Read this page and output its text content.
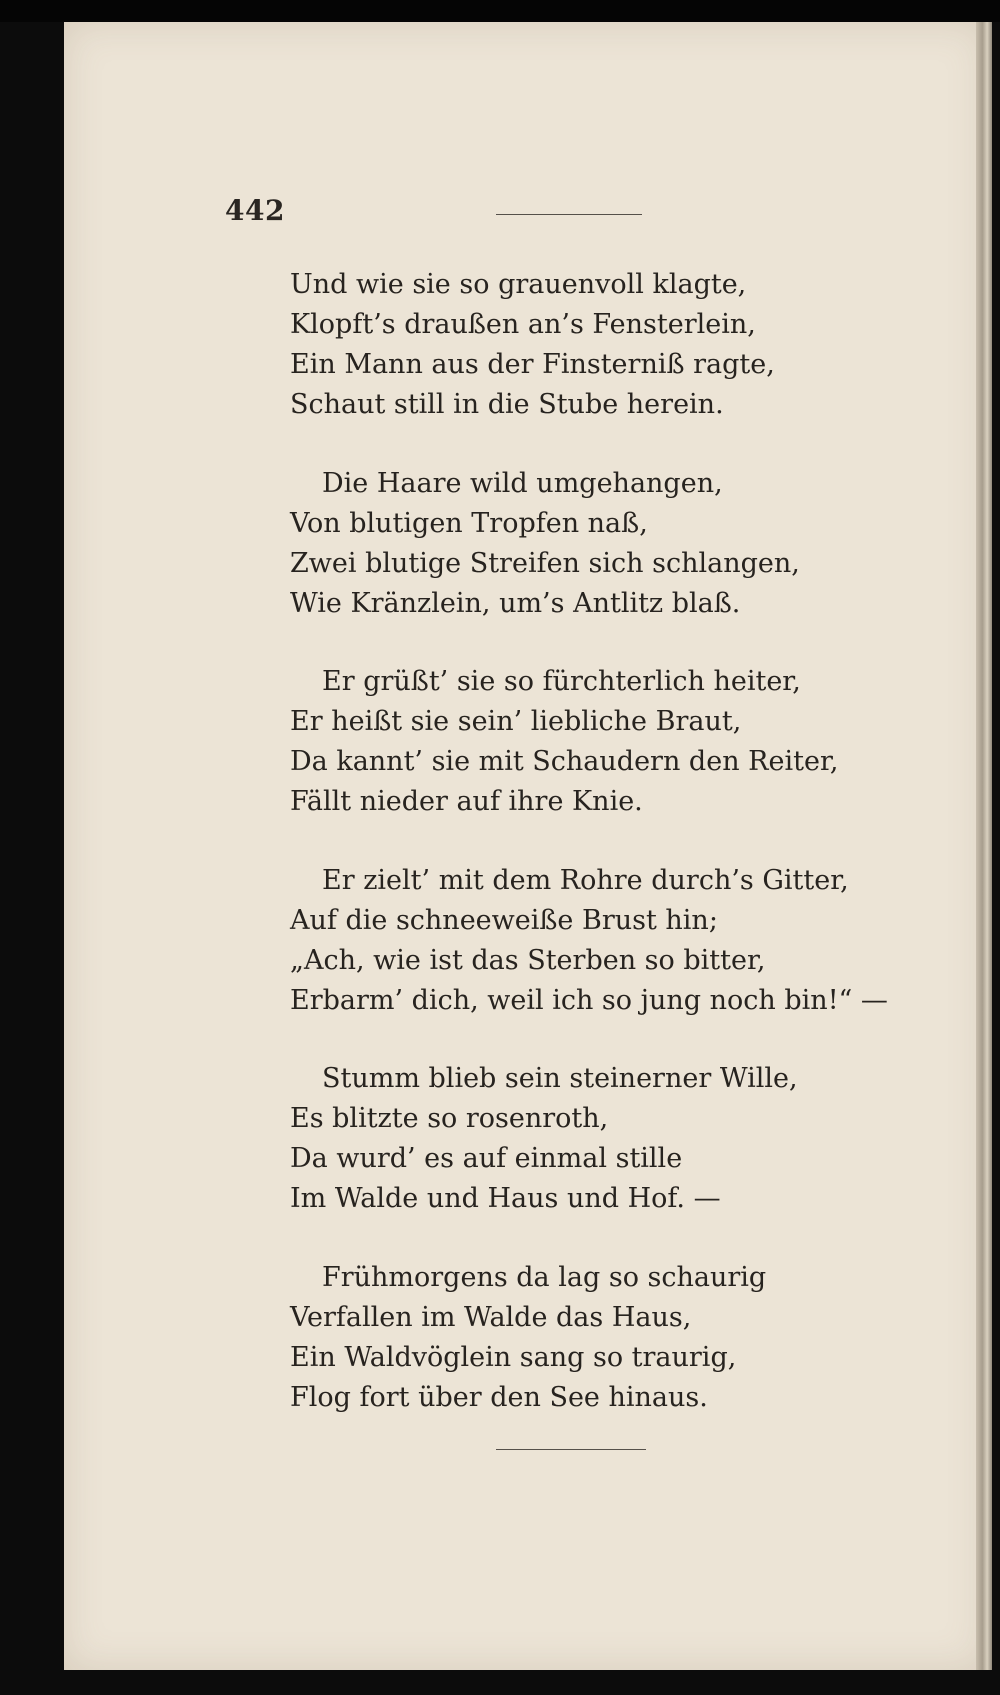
442
Und wie sie so grauenvoll klagte,
Klopft’s draußen an’s Fensterlein,
Ein Mann aus der Finsterniß ragte,
Schaut still in die Stube herein.
Die Haare wild umgehangen,
Von blutigen Tropfen naß,
Zwei blutige Streifen sich schlangen,
Wie Kränzlein, um’s Antlitz blaß.
Er grüßt’ sie so fürchterlich heiter,
Er heißt sie sein’ liebliche Braut,
Da kannt’ sie mit Schaudern den Reiter,
Fällt nieder auf ihre Knie.
Er zielt’ mit dem Rohre durch’s Gitter,
Auf die schneeweiße Brust hin;
„Ach, wie ist das Sterben so bitter,
Erbarm’ dich, weil ich so jung noch bin!“ —
Stumm blieb sein steinerner Wille,
Es blitzte so rosenroth,
Da wurd’ es auf einmal stille
Im Walde und Haus und Hof. —
Frühmorgens da lag so schaurig
Verfallen im Walde das Haus,
Ein Waldvöglein sang so traurig,
Flog fort über den See hinaus.
